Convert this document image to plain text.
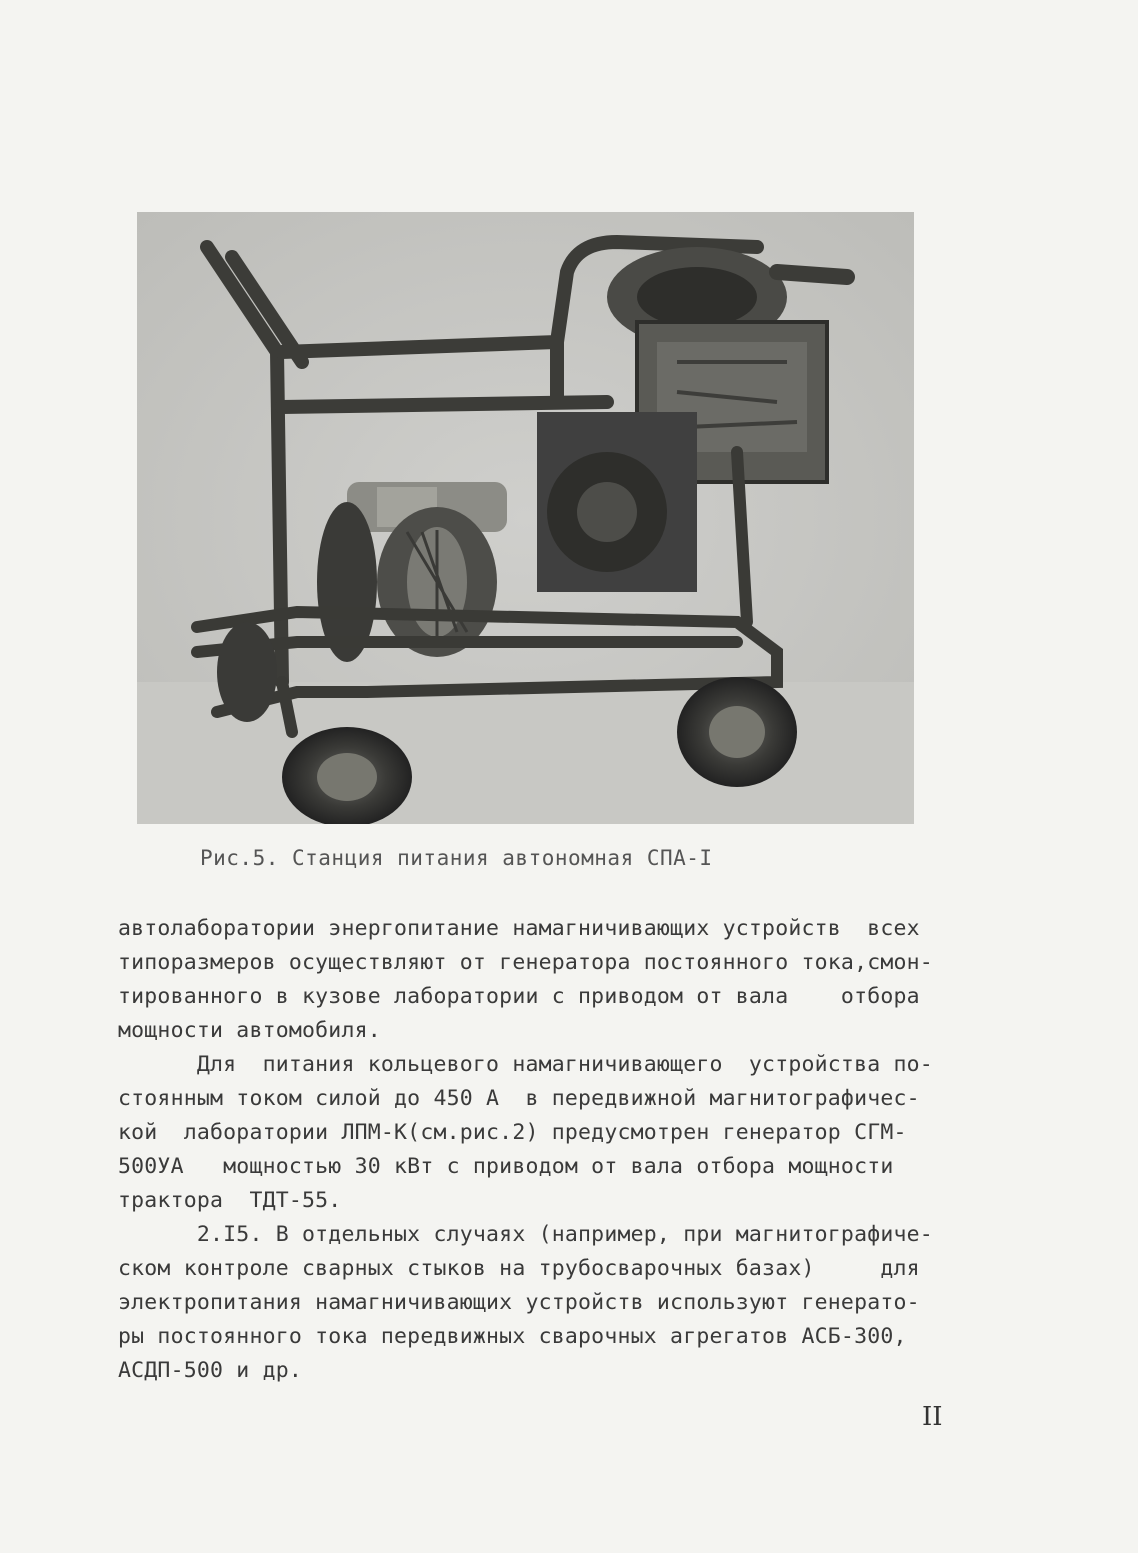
Рис.5. Станция питания автономная СПА-I
автолаборатории энергопитание намагничивающих устройств  всех
типоразмеров осуществляют от генератора постоянного тока,смон-
тированного в кузове лаборатории с приводом от вала    отбора
мощности автомобиля.
Для  питания кольцевого намагничивающего  устройства по-
стоянным током силой до 450 А  в передвижной магнитографичес-
кой  лаборатории ЛПМ-К(см.рис.2) предусмотрен генератор СГМ-
500УА   мощностью 30 кВт с приводом от вала отбора мощности
трактора  ТДТ-55.
2.I5. В отдельных случаях (например, при магнитографиче-
ском контроле сварных стыков на трубосварочных базах)     для
электропитания намагничивающих устройств используют генерато-
ры постоянного тока передвижных сварочных агрегатов АСБ-300,
АСДП-500 и др.
II
